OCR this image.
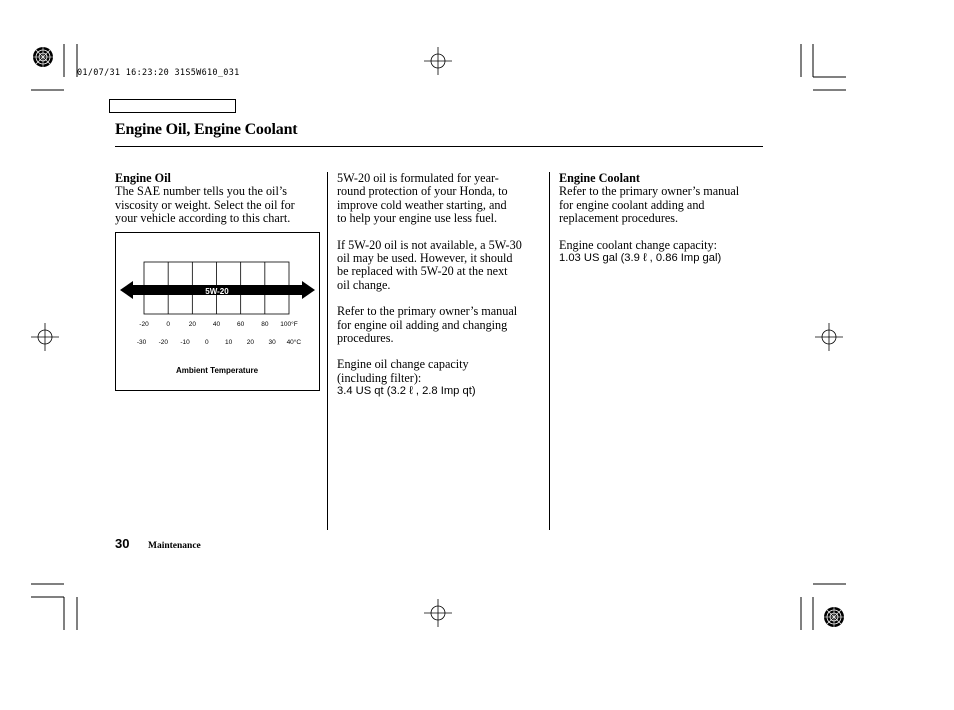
01/07/31 16:23:20 31S5W610_031
Engine Oil, Engine Coolant

Engine Oil

The SAE number tells you the oil’s

viscosity or weight. Select the oil for

your vehicle according to this chart.

5W-20
-20	0	20	40	60	80 100°F
-30 -20 -10 0	10 20 30 40°C
Ambient Temperature

5W-20 oil is formulated for year-

round protection of your Honda, to

improve cold weather starting, and

to help your engine use less fuel.

If 5W-20 oil is not available, a 5W-30

oil may be used. However, it should

be replaced with 5W-20 at the next

oil change.

Refer to the primary owner’s manual

for engine oil adding and changing

procedures.

Engine oil change capacity

(including filter):

3.4 US qt (3.2 ℓ , 2.8 Imp qt)

Engine Coolant

Refer to the primary owner’s manual

for engine coolant adding and

replacement procedures.

Engine coolant change capacity:

1.03 US gal (3.9 ℓ , 0.86 Imp gal)

30 Maintenance
